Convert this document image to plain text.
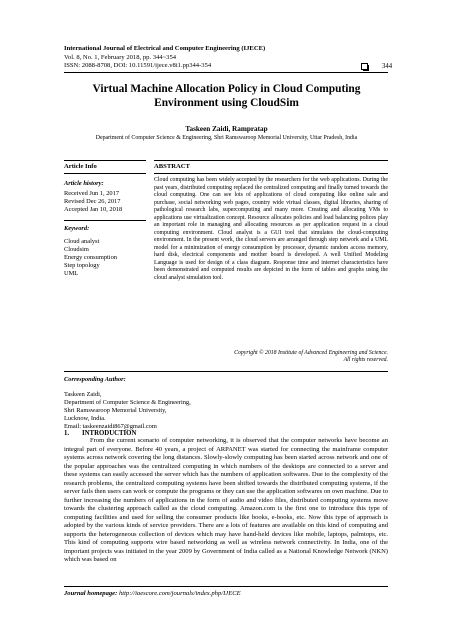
International Journal of Electrical and Computer Engineering (IJECE)
Vol. 8, No. 1, February 2018, pp. 344~354
ISSN: 2088-8708, DOI: 10.11591/ijece.v8i1.pp344-354	344
Virtual Machine Allocation Policy in Cloud Computing
Environment using CloudSim
Taskeen Zaidi, Rampratap
Department of Computer Science & Engineering, Shri Ramswaroop Memorial University, Uttar Pradesh, India
Article Info	ABSTRACT
Article history:
Received Jun 1, 2017
Revised Dec 26, 2017
Accepted Jan 10, 2018
Keyword:
Cloud analyst
Cloudsim
Energy consumption
Step topology
UML
Cloud computing has been widely accepted by the researchers for the web applications. During the past years, distributed computing replaced the centralized computing and finally turned towards the cloud computing. One can see lots of applications of cloud computing like online sale and purchase, social networking web pages, country wide virtual classes, digital libraries, sharing of pathological research labs, supercomputing and many more. Creating and allocating VMs to applications use virtualization concept. Resource allocates policies and load balancing polices play an important role in managing and allocating resources as per application request in a cloud computing environment. Cloud analyst is a GUI tool that simulates the cloud-computing environment. In the present work, the cloud servers are arranged through step network and a UML model for a minimization of energy consumption by processor, dynamic random access memory, hard disk, electrical components and mother board is developed. A well Unified Modeling Language is used for design of a class diagram. Response time and internet characteristics have been demonstrated and computed results are depicted in the form of tables and graphs using the cloud analyst simulation tool.
Copyright © 2018 Institute of Advanced Engineering and Science.
All rights reserved.
Corresponding Author:
Taskeen Zaidi,
Department of Computer Science & Engineering,
Shri Ramswaroop Memorial University,
Lucknow, India.
Email: taskeenzaidi867@gmail.com
1. INTRODUCTION

From the current scenario of computer networking, it is observed that the computer networks have become an integral part of everyone. Before 40 years, a project of ARPANET was started for connecting the mainframe computer systems across network covering the long distances. Slowly-slowly computing has been started across network and one of the popular approaches was the centralized computing in which numbers of the desktops are connected to a server and these systems can easily accessed the server which has the numbers of application softwares. Due to the complexity of the research problems, the centralized computing systems have been shifted towards the distributed computing systems, if the server fails then users can work or compute the programs or they can use the application softwares on own machine. Due to further increasing the numbers of applications in the form of audio and video files, distributed computing systems move towards the clustering approach called as the cloud computing. Amazon.com is the first one to introduce this type of computing facilities and used for selling the consumer products like books, e-books, etc. Now this type of approach is adopted by the various kinds of service providers. There are a lots of features are available on this kind of computing and supports the heterogeneous collection of devices which may have hand-held devices like mobile, laptops, palmtops, etc. This kind of computing supports wire based networking as well as wireless network connectivity. In India, one of the important projects was initiated in the year 2009 by Government of India called as a National Knowledge Network (NKN) which was based on

Journal homepage: http://iaescore.com/journals/index.php/IJECE
